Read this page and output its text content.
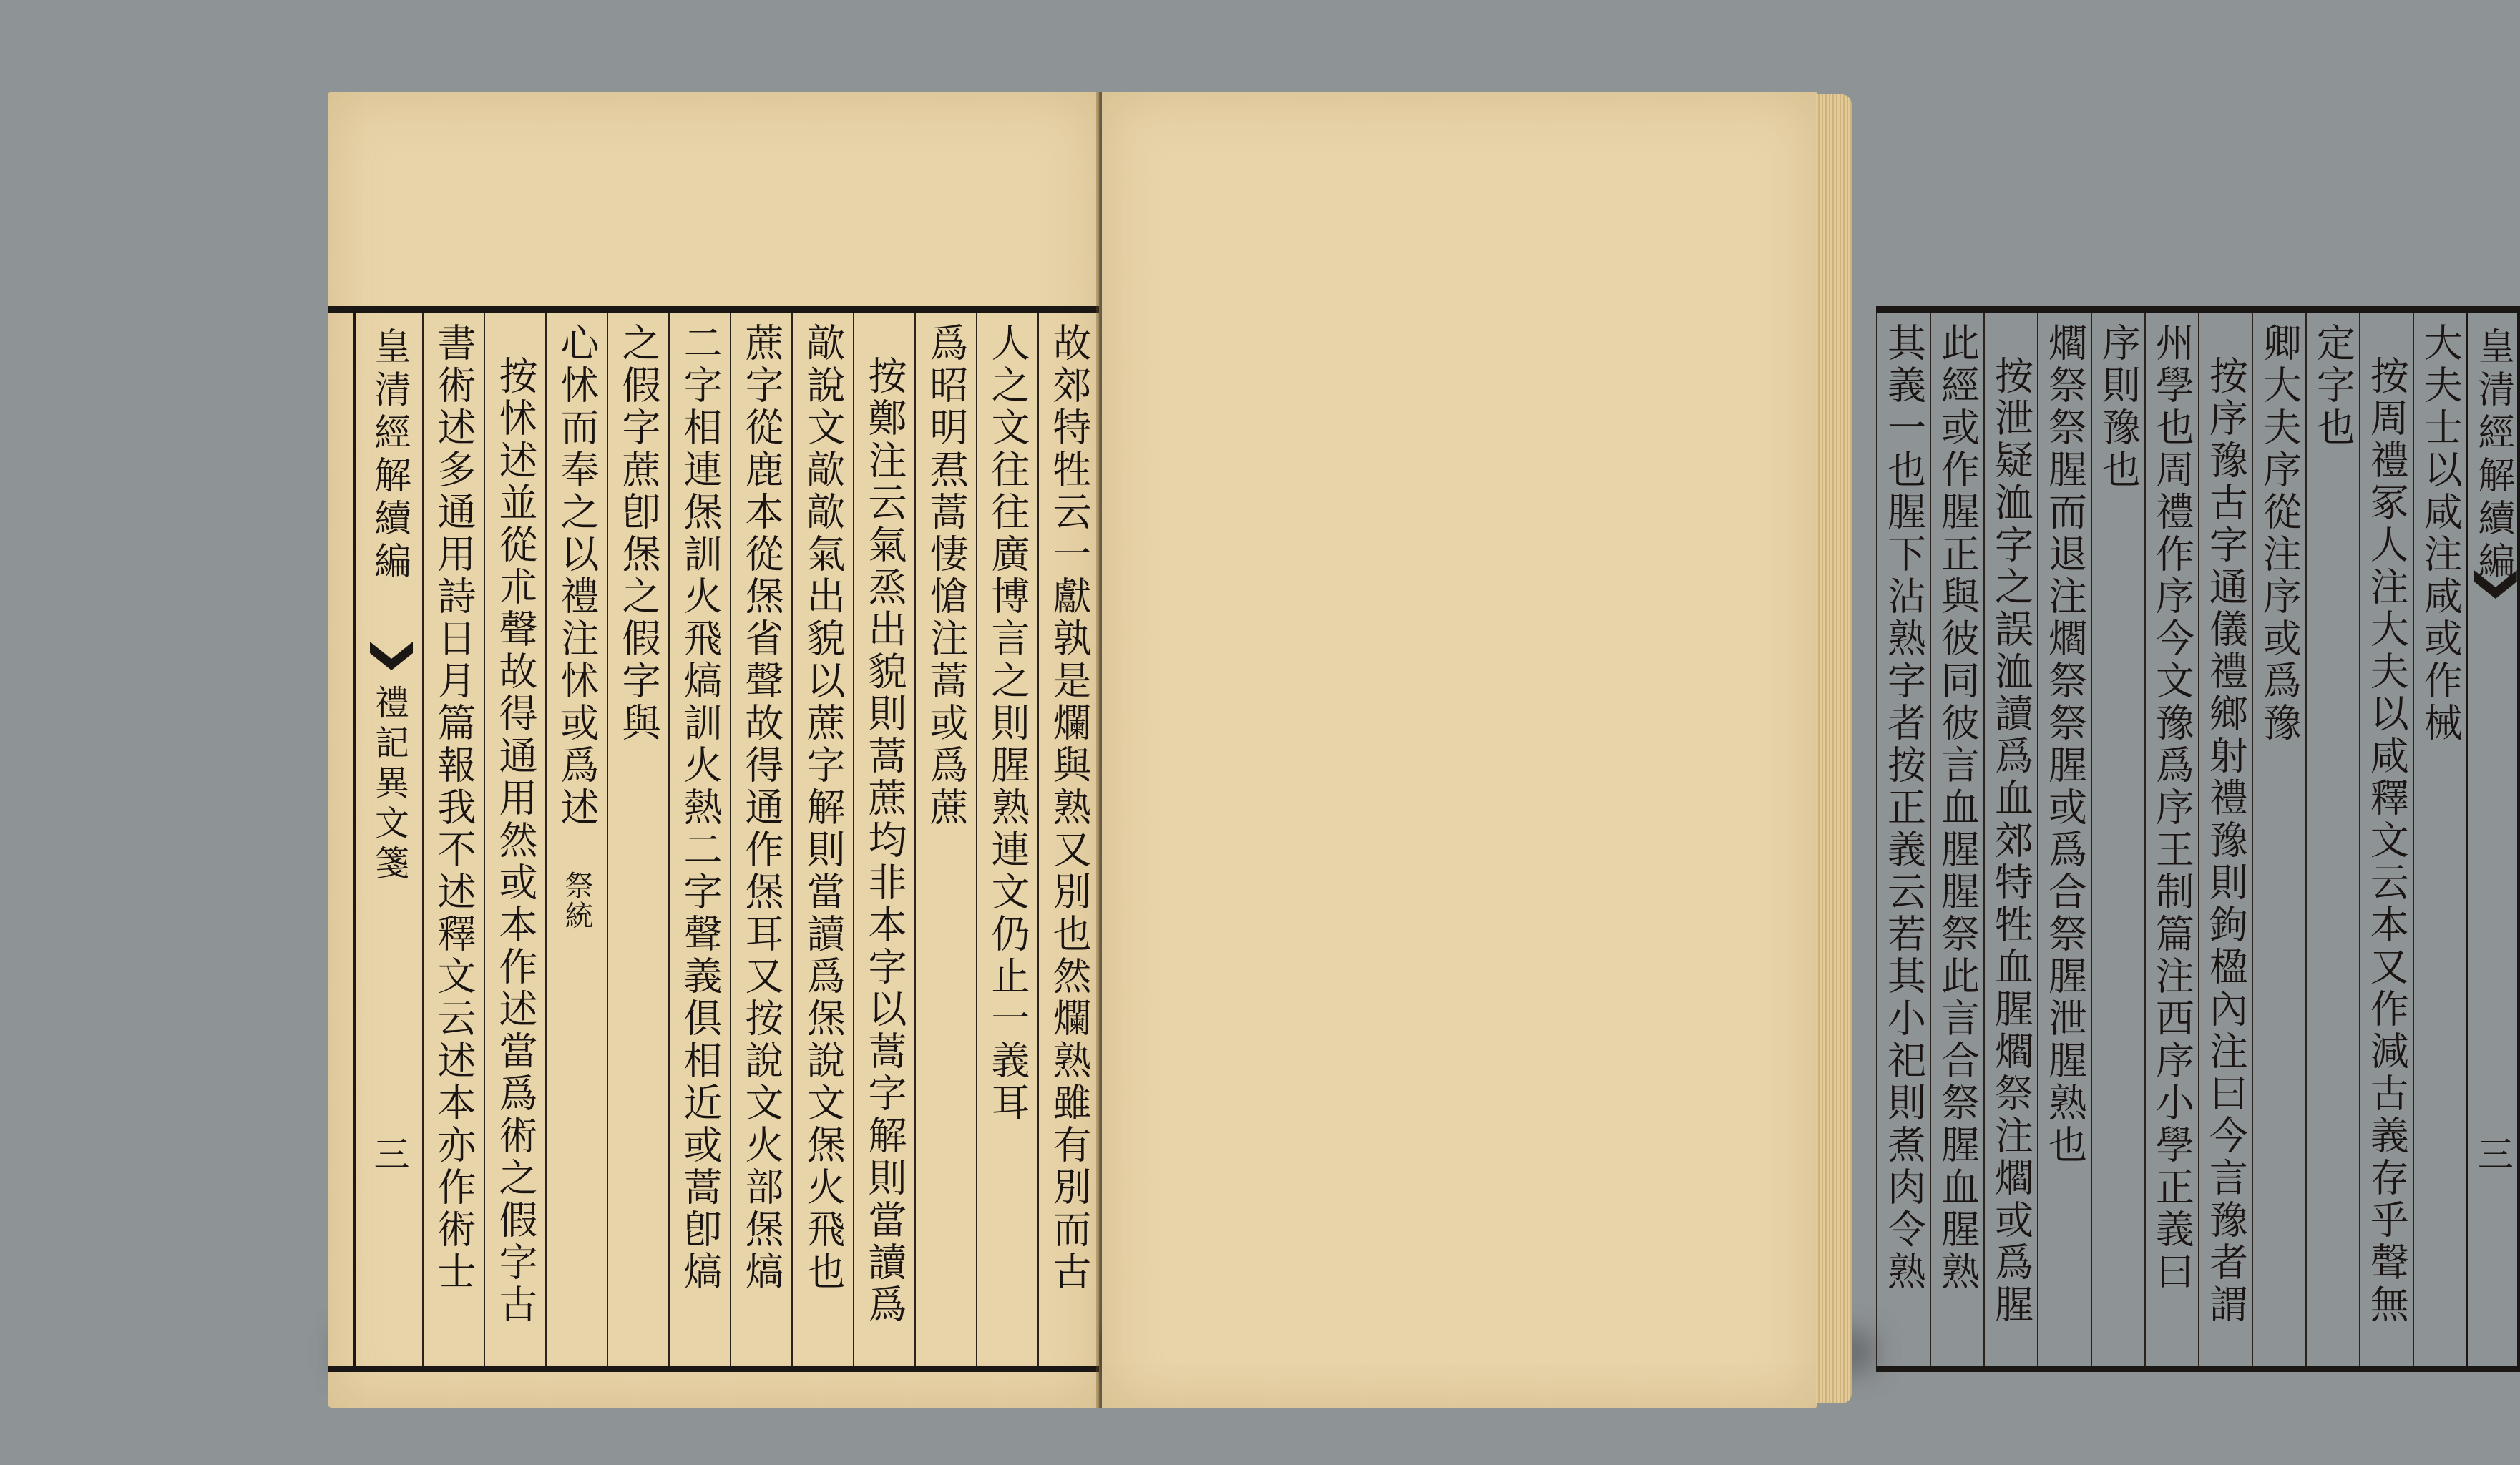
故郊特牲云一獻孰是爛與熟又別也然爛熟雖有別而古
人之文往往廣博言之則腥熟連文仍止一義耳
爲昭明焄蒿悽愴注蒿或爲蔗
按鄭注云氣烝出貌則蒿蔗均非本字以蒿字解則當讀爲
歊說文歊歊氣出貌以蔗字解則當讀爲㷛說文㷛火飛也
蔗字從鹿本從㷛省聲故得通作㷛耳又按說文火部㷛熇
二字相連㷛訓火飛熇訓火熱二字聲義俱相近或蒿卽熇
之假字蔗卽㷛之假字與
心怵而奉之以禮注怵或爲述
祭統
按怵述並從朮聲故得通用然或本作述當爲術之假字古
書術述多通用詩日月篇報我不述釋文云述本亦作術士
皇清經解續編
禮記異文箋
三
皇清經解續編
三
大夫士以咸注咸或作械
按周禮冢人注大夫以咸釋文云本又作減古義存乎聲無
定字也
卿大夫序從注序或爲豫
按序豫古字通儀禮鄉射禮豫則鉤楹內注曰今言豫者謂
州學也周禮作序今文豫爲序王制篇注西序小學正義曰
序則豫也
爓祭祭腥而退注爓祭祭腥或爲合祭腥泄腥熟也
按泄疑洫字之誤洫讀爲血郊特牲血腥爓祭注爓或爲腥
此經或作腥正與彼同彼言血腥腥祭此言合祭腥血腥熟
其義一也腥下沾熟字者按正義云若其小祀則煮肉令熟
